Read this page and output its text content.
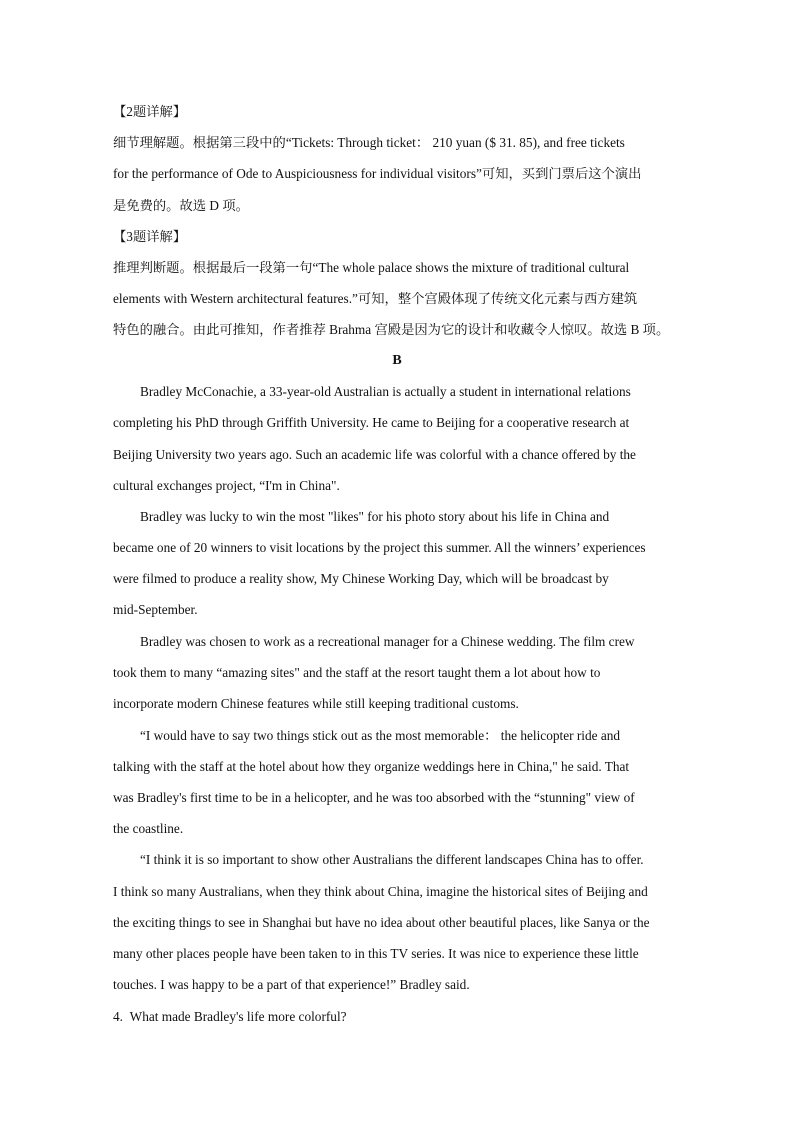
【2题详解】
细节理解题。根据第三段中的“Tickets: Through ticket： 210 yuan ($ 31. 85), and free tickets
for the performance of Ode to Auspiciousness for individual visitors”可知，买到门票后这个演出
是免费的。故选 D 项。
【3题详解】
推理判断题。根据最后一段第一句“The whole palace shows the mixture of traditional cultural
elements with Western architectural features.”可知，整个宫殿体现了传统文化元素与西方建筑
特色的融合。由此可推知，作者推荐 Brahma 宫殿是因为它的设计和收藏令人惊叹。故选 B 项。
B
Bradley McConachie, a 33-year-old Australian is actually a student in international relations
completing his PhD through Griffith University. He came to Beijing for a cooperative research at
Beijing University two years ago. Such an academic life was colorful with a chance offered by the
cultural exchanges project, “I'm in China".
Bradley was lucky to win the most "likes" for his photo story about his life in China and
became one of 20 winners to visit locations by the project this summer. All the winners’ experiences
were filmed to produce a reality show, My Chinese Working Day, which will be broadcast by
mid-September.
Bradley was chosen to work as a recreational manager for a Chinese wedding. The film crew
took them to many “amazing sites" and the staff at the resort taught them a lot about how to
incorporate modern Chinese features while still keeping traditional customs.
“I would have to say two things stick out as the most memorable： the helicopter ride and
talking with the staff at the hotel about how they organize weddings here in China," he said. That
was Bradley's first time to be in a helicopter, and he was too absorbed with the “stunning" view of
the coastline.
“I think it is so important to show other Australians the different landscapes China has to offer.
I think so many Australians, when they think about China, imagine the historical sites of Beijing and
the exciting things to see in Shanghai but have no idea about other beautiful places, like Sanya or the
many other places people have been taken to in this TV series. It was nice to experience these little
touches. I was happy to be a part of that experience!” Bradley said.
4. What made Bradley's life more colorful?
